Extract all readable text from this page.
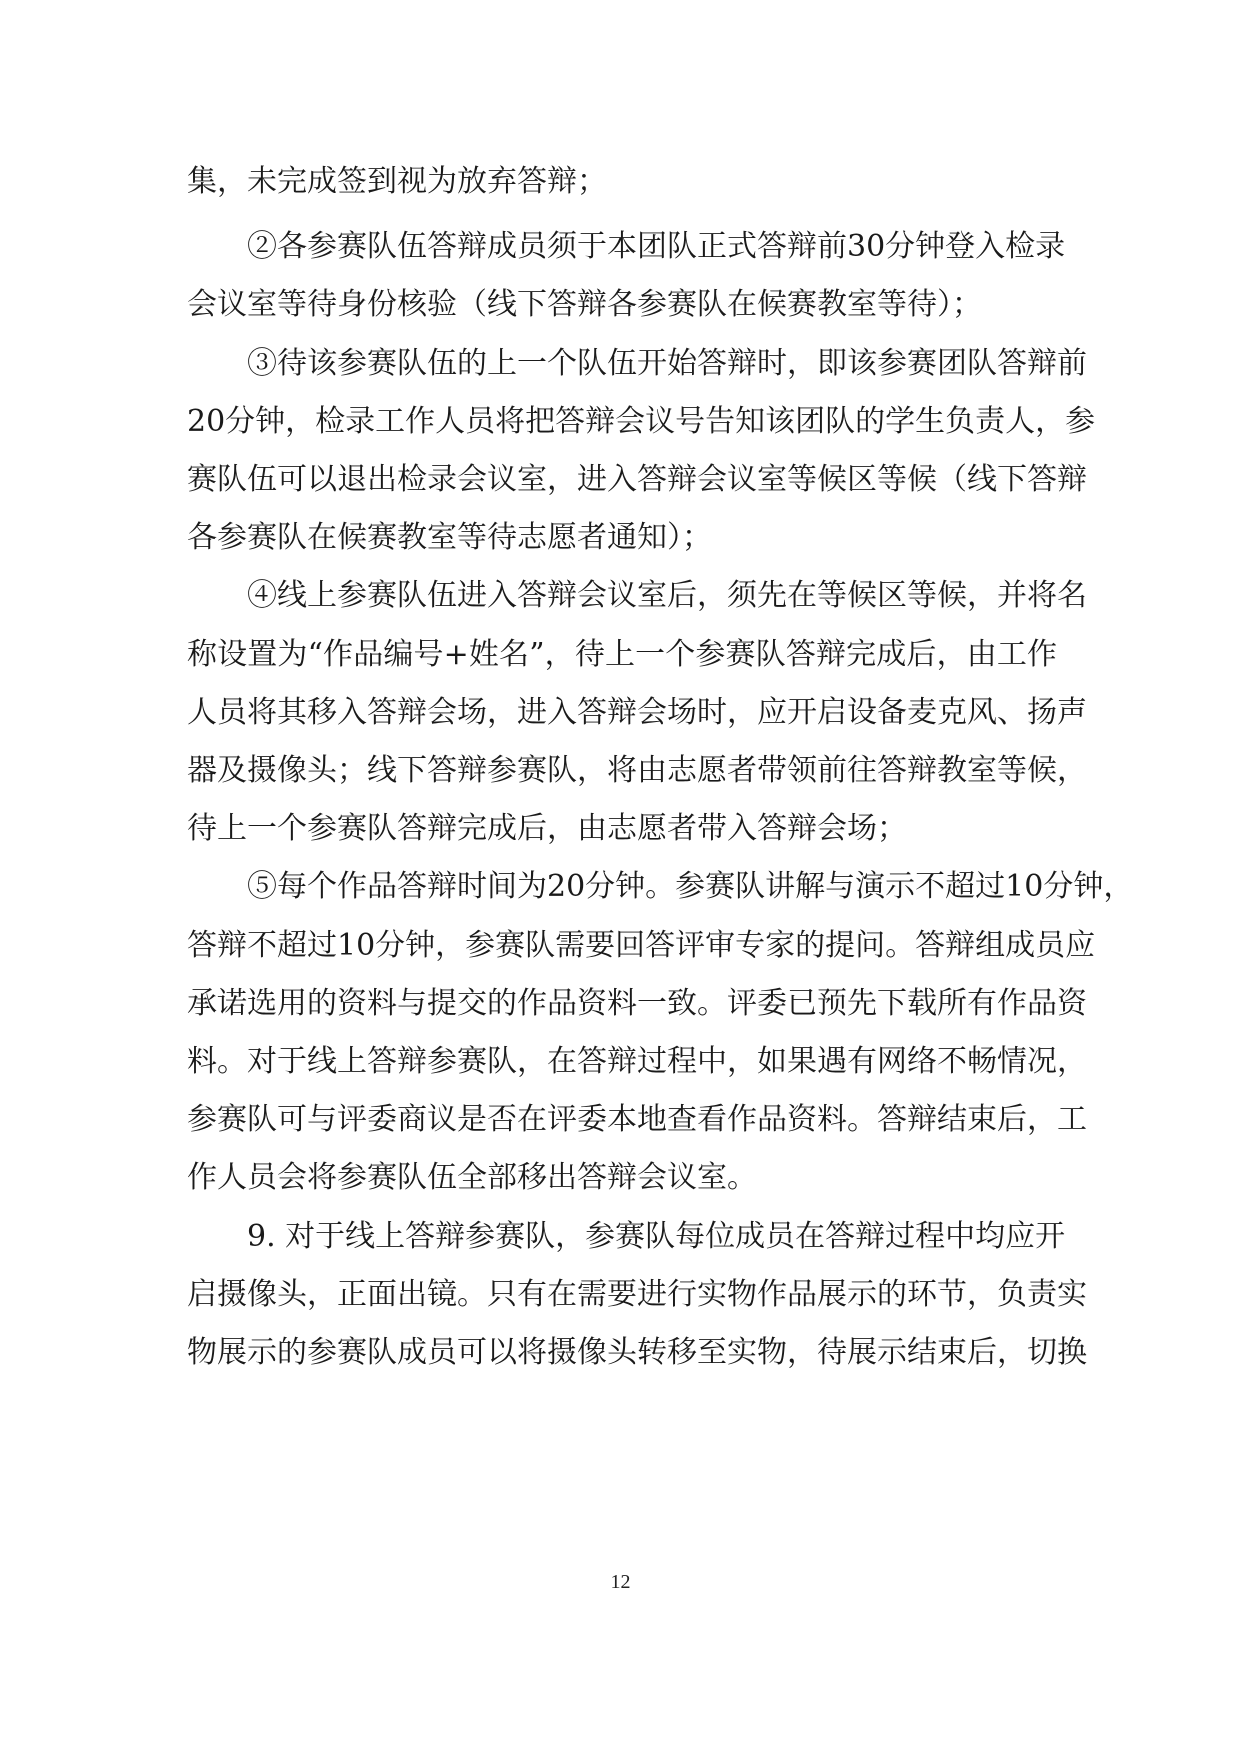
集，未完成签到视为放弃答辩；
②各参赛队伍答辩成员须于本团队正式答辩前30分钟登入检录
会议室等待身份核验（线下答辩各参赛队在候赛教室等待）；
③待该参赛队伍的上一个队伍开始答辩时，即该参赛团队答辩前
20分钟，检录工作人员将把答辩会议号告知该团队的学生负责人，参
赛队伍可以退出检录会议室，进入答辩会议室等候区等候（线下答辩
各参赛队在候赛教室等待志愿者通知）；
④线上参赛队伍进入答辩会议室后，须先在等候区等候，并将名
称设置为“作品编号+姓名”，待上一个参赛队答辩完成后，由工作
人员将其移入答辩会场，进入答辩会场时，应开启设备麦克风、扬声
器及摄像头；线下答辩参赛队，将由志愿者带领前往答辩教室等候，
待上一个参赛队答辩完成后，由志愿者带入答辩会场；
⑤每个作品答辩时间为20分钟。参赛队讲解与演示不超过10分钟，
答辩不超过10分钟，参赛队需要回答评审专家的提问。答辩组成员应
承诺选用的资料与提交的作品资料一致。评委已预先下载所有作品资
料。对于线上答辩参赛队，在答辩过程中，如果遇有网络不畅情况，
参赛队可与评委商议是否在评委本地查看作品资料。答辩结束后，工
作人员会将参赛队伍全部移出答辩会议室。
9. 对于线上答辩参赛队，参赛队每位成员在答辩过程中均应开
启摄像头，正面出镜。只有在需要进行实物作品展示的环节，负责实
物展示的参赛队成员可以将摄像头转移至实物，待展示结束后，切换
12
